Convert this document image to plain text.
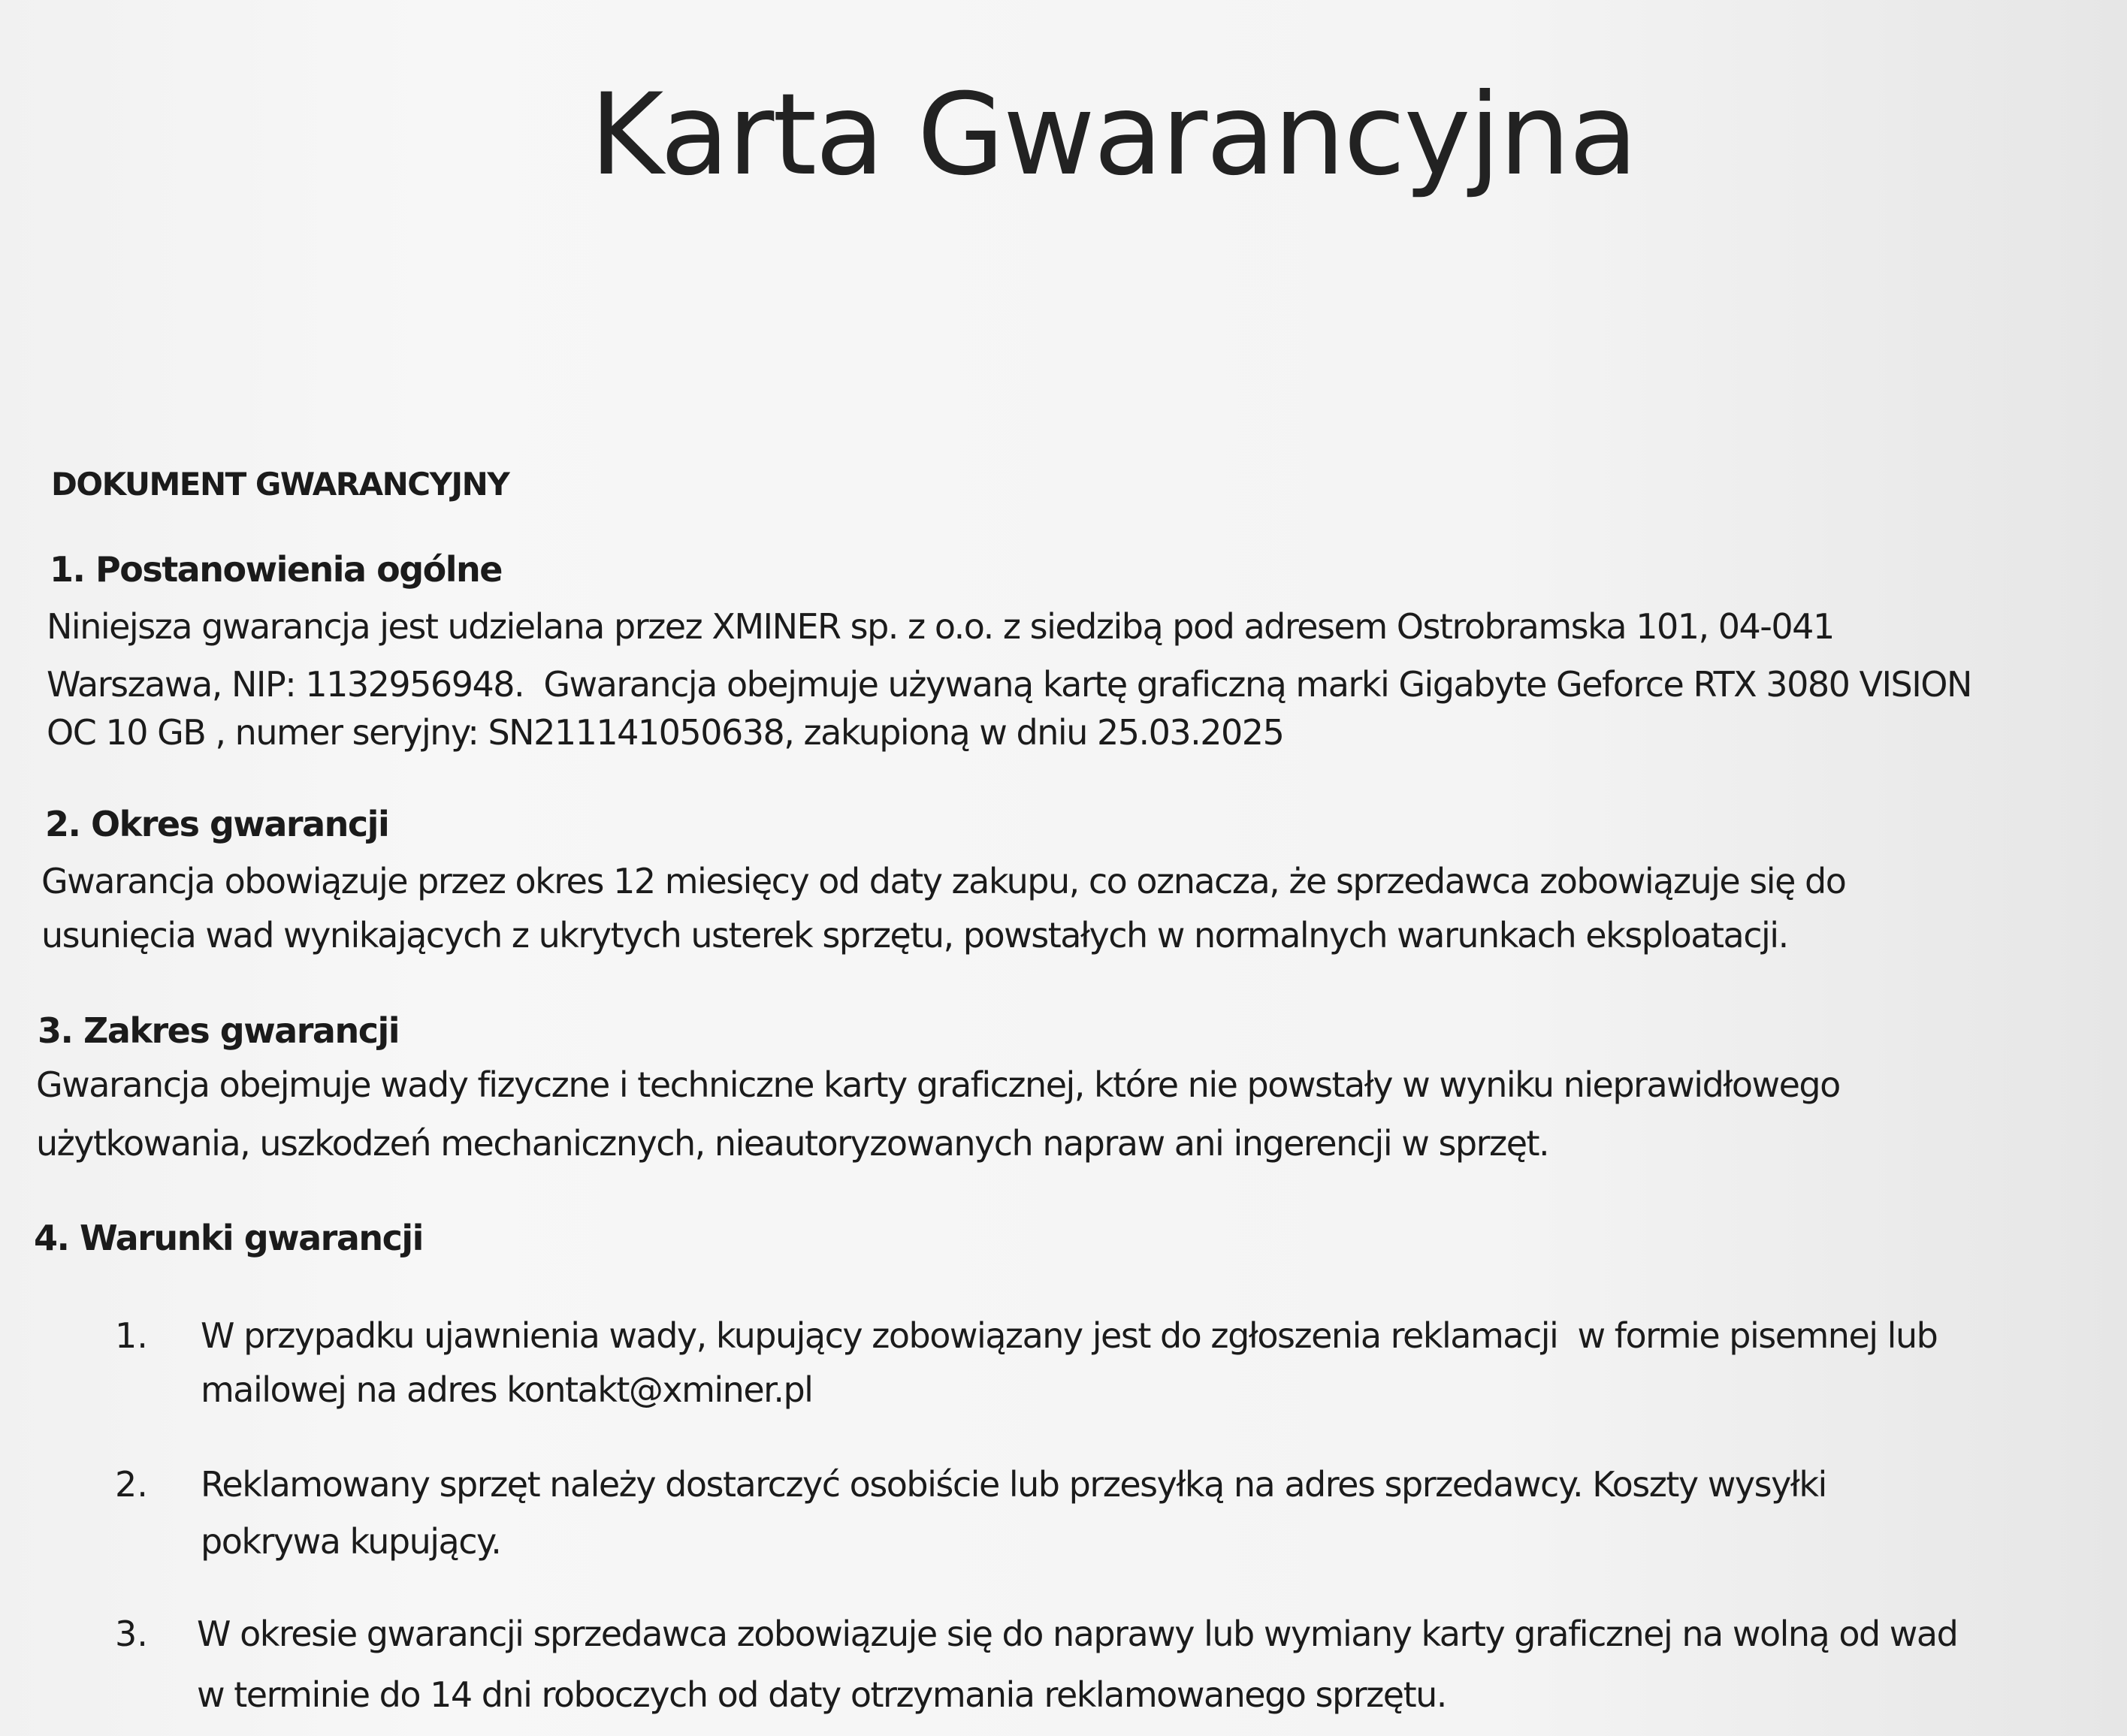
Karta Gwarancyjna
DOKUMENT GWARANCYJNY
1. Postanowienia ogólne
Niniejsza gwarancja jest udzielana przez XMINER sp. z o.o. z siedzibą pod adresem Ostrobramska 101, 04-041
Warszawa, NIP: 1132956948.  Gwarancja obejmuje używaną kartę graficzną marki Gigabyte Geforce RTX 3080 VISION
OC 10 GB , numer seryjny: SN211141050638, zakupioną w dniu 25.03.2025
2. Okres gwarancji
Gwarancja obowiązuje przez okres 12 miesięcy od daty zakupu, co oznacza, że sprzedawca zobowiązuje się do
usunięcia wad wynikających z ukrytych usterek sprzętu, powstałych w normalnych warunkach eksploatacji.
3. Zakres gwarancji
Gwarancja obejmuje wady fizyczne i techniczne karty graficznej, które nie powstały w wyniku nieprawidłowego
użytkowania, uszkodzeń mechanicznych, nieautoryzowanych napraw ani ingerencji w sprzęt.
4. Warunki gwarancji
1. W przypadku ujawnienia wady, kupujący zobowiązany jest do zgłoszenia reklamacji  w formie pisemnej lub
mailowej na adres kontakt@xminer.pl
2. Reklamowany sprzęt należy dostarczyć osobiście lub przesyłką na adres sprzedawcy. Koszty wysyłki
pokrywa kupujący.
3. W okresie gwarancji sprzedawca zobowiązuje się do naprawy lub wymiany karty graficznej na wolną od wad
w terminie do 14 dni roboczych od daty otrzymania reklamowanego sprzętu.
